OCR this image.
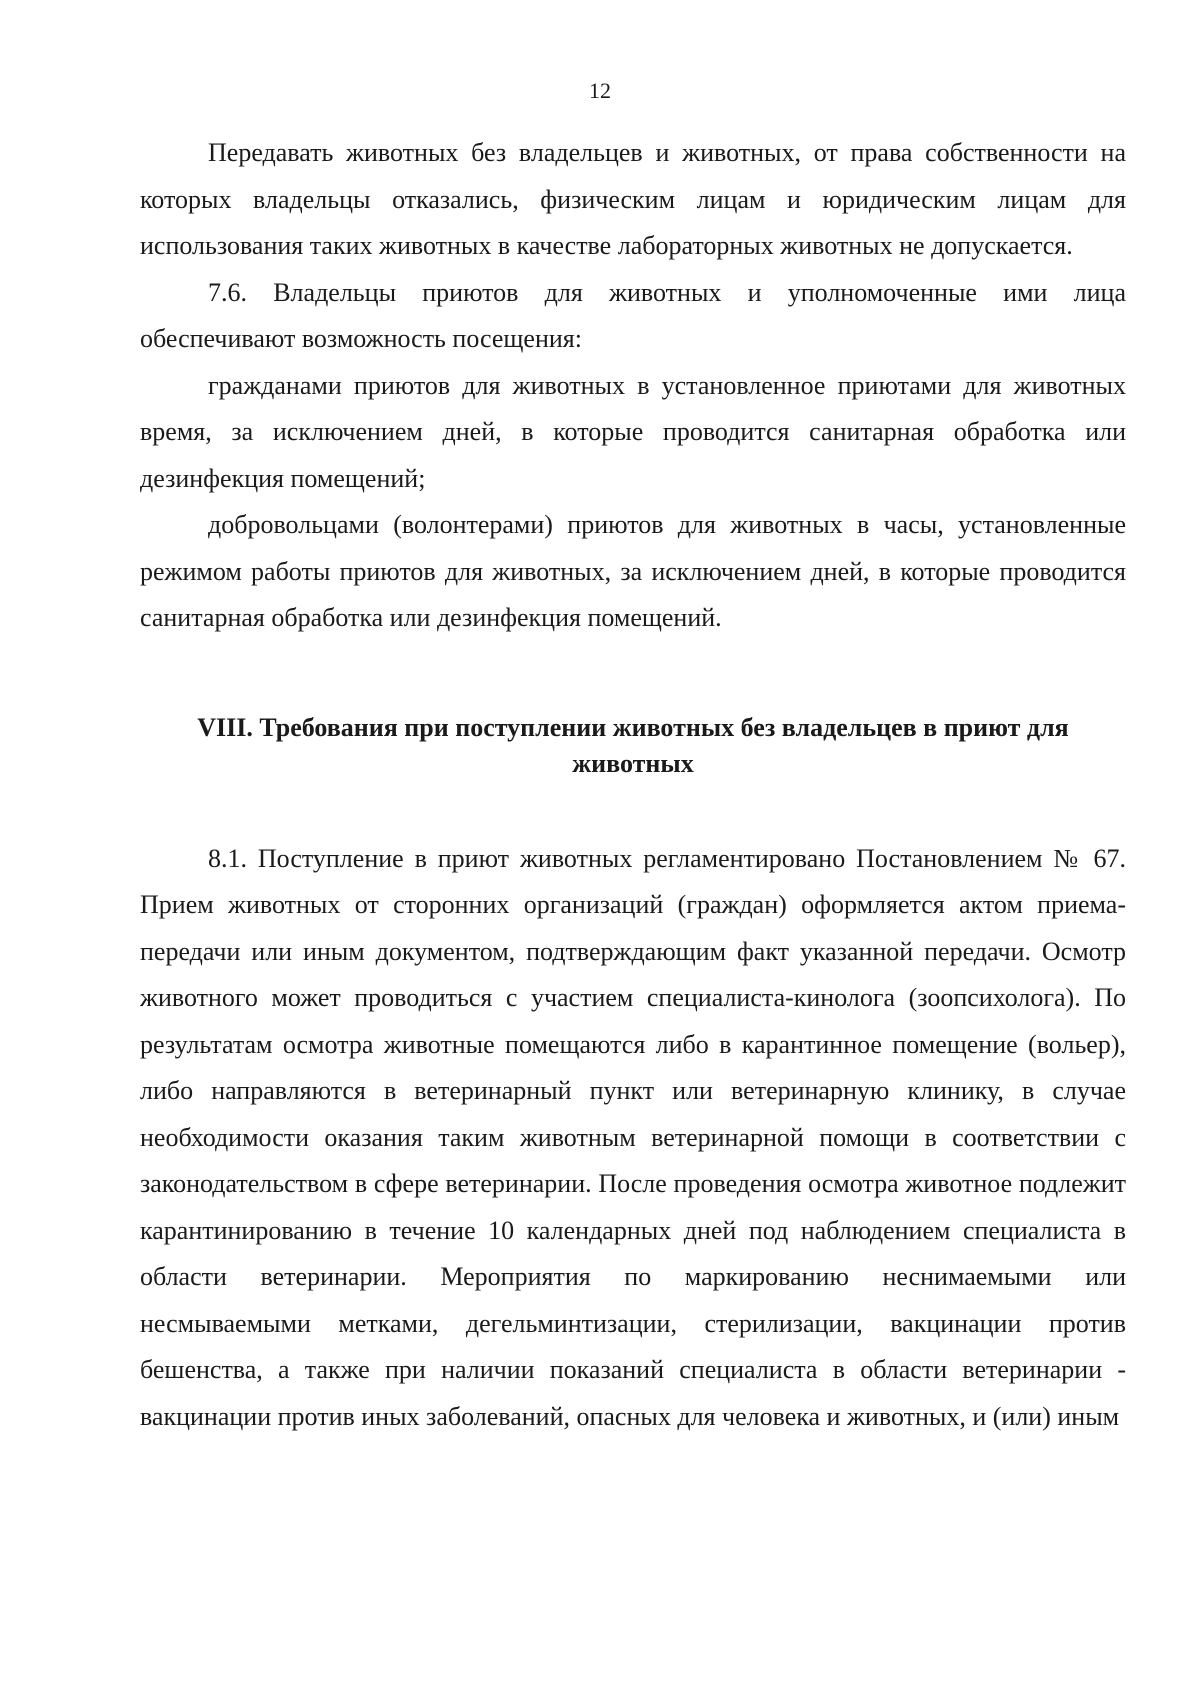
12

Передавать животных без владельцев и животных, от права собственности на которых владельцы отказались, физическим лицам и юридическим лицам для использования таких животных в качестве лабораторных животных не допускается.

7.6. Владельцы приютов для животных и уполномоченные ими лица обеспечивают возможность посещения:

гражданами приютов для животных в установленное приютами для животных время, за исключением дней, в которые проводится санитарная обработка или дезинфекция помещений;

добровольцами (волонтерами) приютов для животных в часы, установленные режимом работы приютов для животных, за исключением дней, в которые проводится санитарная обработка или дезинфекция помещений.

VIII. Требования при поступлении животных без владельцев в приют для животных

8.1. Поступление в приют животных регламентировано Постановлением № 67. Прием животных от сторонних организаций (граждан) оформляется актом приема-передачи или иным документом, подтверждающим факт указанной передачи. Осмотр животного может проводиться с участием специалиста-кинолога (зоопсихолога). По результатам осмотра животные помещаются либо в карантинное помещение (вольер), либо направляются в ветеринарный пункт или ветеринарную клинику, в случае необходимости оказания таким животным ветеринарной помощи в соответствии с законодательством в сфере ветеринарии. После проведения осмотра животное подлежит карантинированию в течение 10 календарных дней под наблюдением специалиста в области ветеринарии. Мероприятия по маркированию неснимаемыми или несмываемыми метками, дегельминтизации, стерилизации, вакцинации против бешенства, а также при наличии показаний специалиста в области ветеринарии - вакцинации против иных заболеваний, опасных для человека и животных, и (или) иным
